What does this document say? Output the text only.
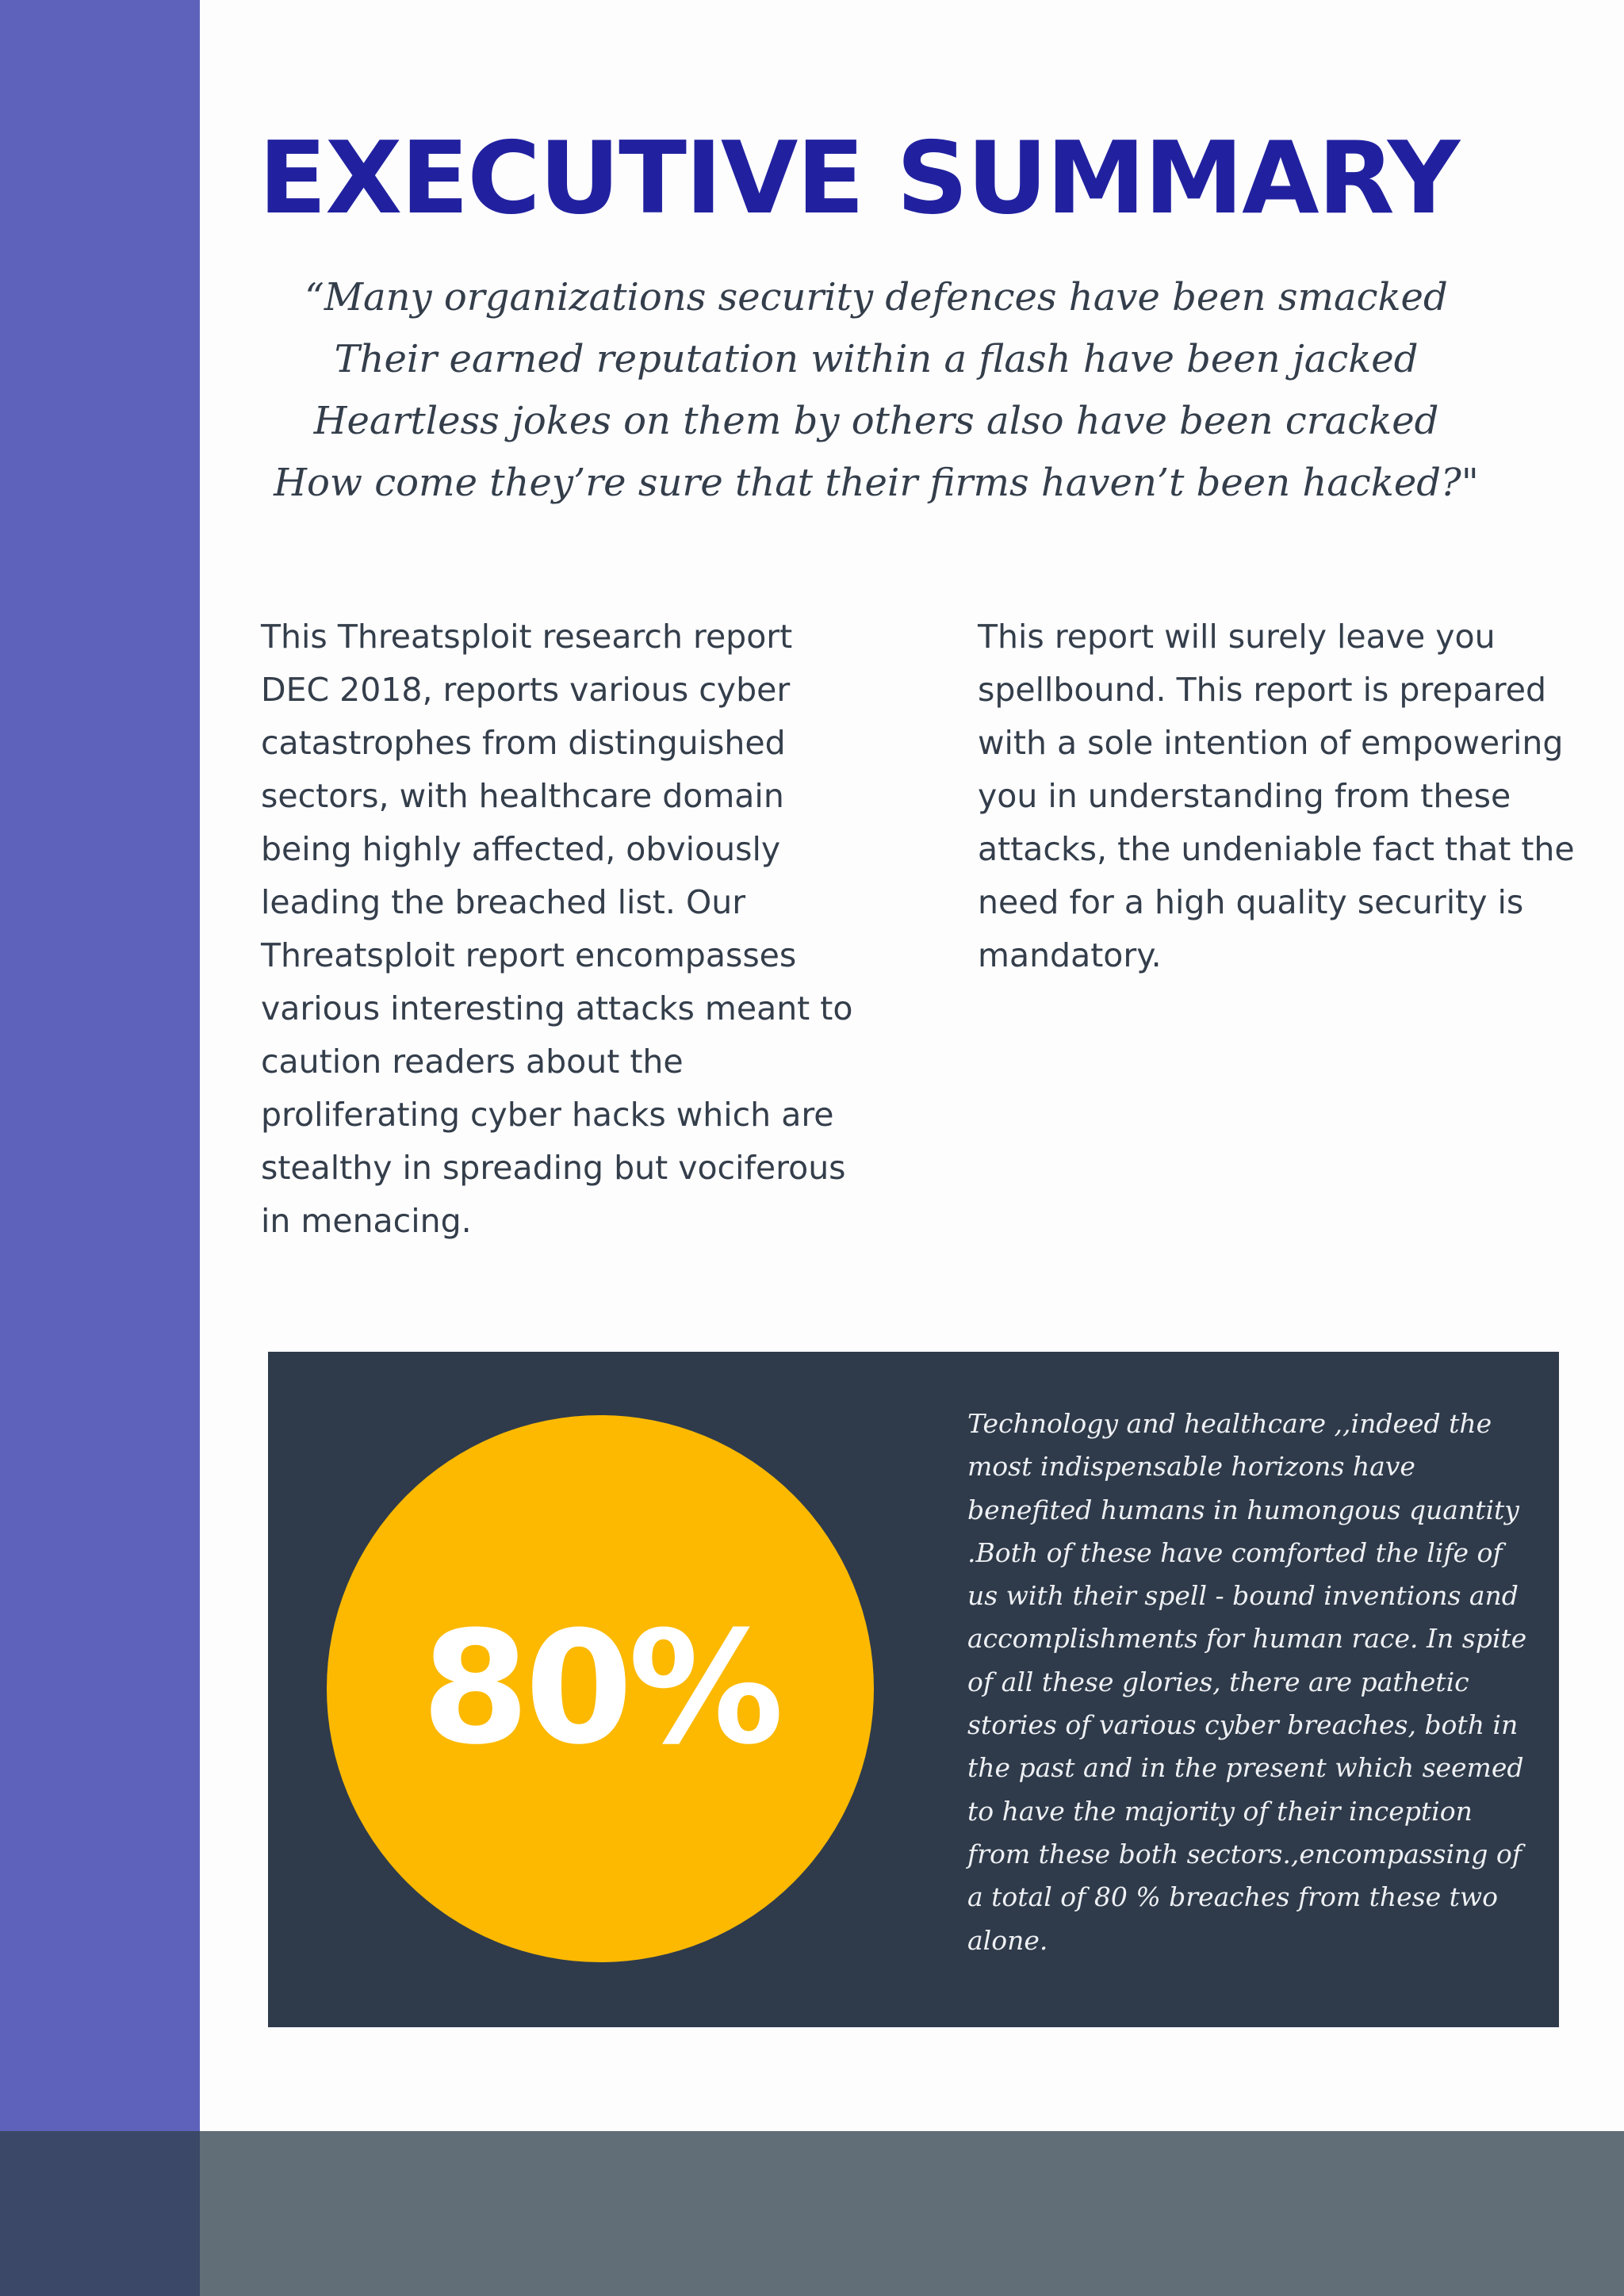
EXECUTIVE SUMMARY
“Many organizations security defences have been smacked
Their earned reputation within a flash have been jacked
Heartless jokes on them by others also have been cracked
How come they’re sure that their firms haven’t been hacked?"
This Threatsploit research report
DEC 2018, reports various cyber
catastrophes from distinguished
sectors, with healthcare domain
being highly affected, obviously
leading the breached list. Our
Threatsploit report encompasses
various interesting attacks meant to
caution readers about the
proliferating cyber hacks which are
stealthy in spreading but vociferous
in menacing.
This report will surely leave you
spellbound. This report is prepared
with a sole intention of empowering
you in understanding from these
attacks, the undeniable fact that the
need for a high quality security is
mandatory.
80%
Technology and healthcare ,,indeed the
most indispensable horizons have
benefited humans in humongous quantity
.Both of these have comforted the life of
us with their spell - bound inventions and
accomplishments for human race. In spite
of all these glories, there are pathetic
stories of various cyber breaches, both in
the past and in the present which seemed
to have the majority of their inception
from these both sectors.,encompassing of
a total of 80 % breaches from these two
alone.
